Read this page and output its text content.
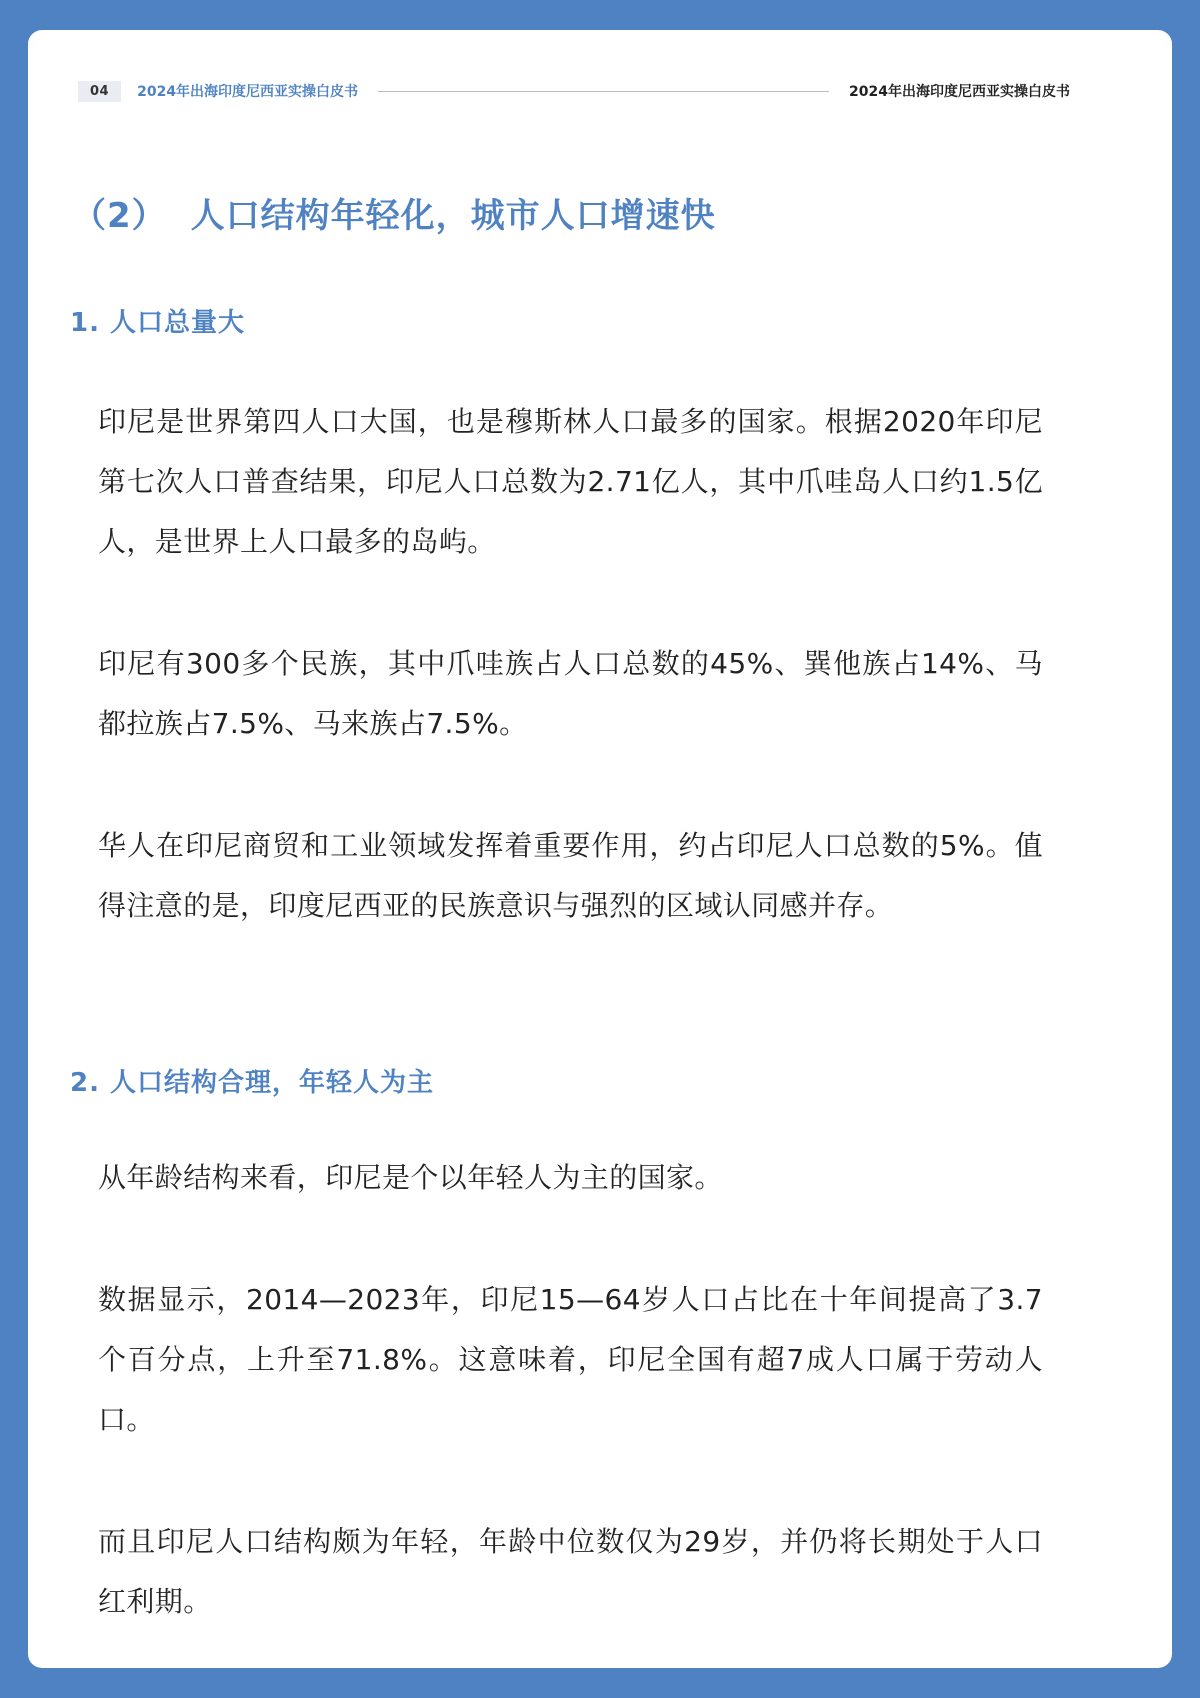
04	2024年出海印度尼西亚实操白皮书	2024年出海印度尼西亚实操白皮书
（2） 人口结构年轻化，城市人口增速快
1. 人口总量大

印尼是世界第四人口大国，也是穆斯林人口最多的国家。根据2020年印尼第七次人口普查结果，印尼人口总数为2.71亿人，其中爪哇岛人口约1.5亿人，是世界上人口最多的岛屿。

印尼有300多个民族，其中爪哇族占人口总数的45%、巽他族占14%、马都拉族占7.5%、马来族占7.5%。

华人在印尼商贸和工业领域发挥着重要作用，约占印尼人口总数的5%。值得注意的是，印度尼西亚的民族意识与强烈的区域认同感并存。

2. 人口结构合理，年轻人为主

从年龄结构来看，印尼是个以年轻人为主的国家。

数据显示，2014—2023年，印尼15—64岁人口占比在十年间提高了3.7个百分点，上升至71.8%。这意味着，印尼全国有超7成人口属于劳动人口。

而且印尼人口结构颇为年轻，年龄中位数仅为29岁，并仍将长期处于人口红利期。
